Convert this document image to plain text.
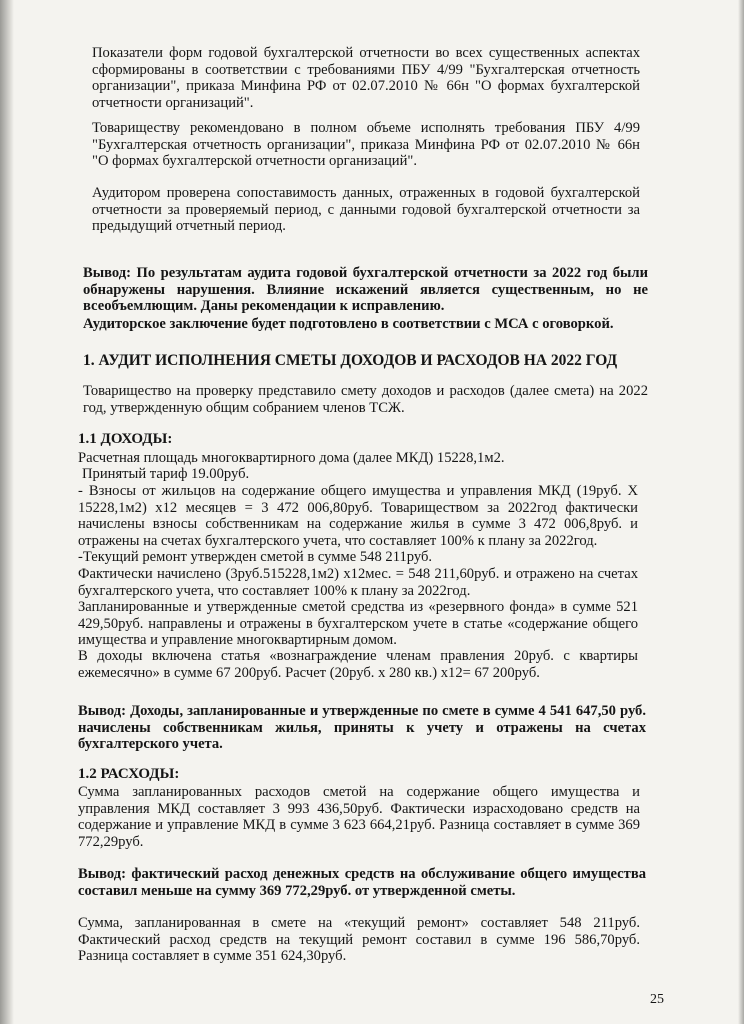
Показатели форм годовой бухгалтерской отчетности во всех существенных аспектах сформированы в соответствии с требованиями ПБУ 4/99 "Бухгалтерская отчетность организации", приказа Минфина РФ от 02.07.2010 № 66н "О формах бухгалтерской отчетности организаций".

Товариществу рекомендовано в полном объеме исполнять требования ПБУ 4/99 "Бухгалтерская отчетность организации", приказа Минфина РФ от 02.07.2010 № 66н "О формах бухгалтерской отчетности организаций".

Аудитором проверена сопоставимость данных, отраженных в годовой бухгалтерской отчетности за проверяемый период, с данными годовой бухгалтерской отчетности за предыдущий отчетный период.

Вывод: По результатам аудита годовой бухгалтерской отчетности за 2022 год были обнаружены нарушения. Влияние искажений является существенным, но не всеобъемлющим. Даны рекомендации к исправлению.

Аудиторское заключение будет подготовлено в соответствии с МСА с оговоркой.

1. АУДИТ ИСПОЛНЕНИЯ СМЕТЫ ДОХОДОВ И РАСХОДОВ НА 2022 ГОД

Товарищество на проверку представило смету доходов и расходов (далее смета) на 2022 год, утвержденную общим собранием членов ТСЖ.

1.1 ДОХОДЫ:

Расчетная площадь многоквартирного дома (далее МКД) 15228,1м2.

Принятый тариф 19.00руб.

- Взносы от жильцов на содержание общего имущества и управления МКД (19руб. Х 15228,1м2) х12 месяцев = 3 472 006,80руб. Товариществом за 2022год фактически начислены взносы собственникам на содержание жилья в сумме 3 472 006,8руб. и отражены на счетах бухгалтерского учета, что составляет 100% к плану за 2022год.

-Текущий ремонт утвержден сметой в сумме 548 211руб.

Фактически начислено (3руб.515228,1м2) х12мес. = 548 211,60руб. и отражено на счетах бухгалтерского учета, что составляет 100% к плану за 2022год.

Запланированные и утвержденные сметой средства из «резервного фонда» в сумме 521 429,50руб. направлены и отражены в бухгалтерском учете в статье «содержание общего имущества и управление многоквартирным домом.

В доходы включена статья «вознаграждение членам правления 20руб. с квартиры ежемесячно» в сумме 67 200руб. Расчет (20руб. х 280 кв.) х12= 67 200руб.

Вывод: Доходы, запланированные и утвержденные по смете в сумме 4 541 647,50 руб. начислены собственникам жилья, приняты к учету и отражены на счетах бухгалтерского учета.

1.2 РАСХОДЫ:

Сумма запланированных расходов сметой на содержание общего имущества и управления МКД составляет 3 993 436,50руб. Фактически израсходовано средств на содержание и управление МКД в сумме 3 623 664,21руб. Разница составляет в сумме 369 772,29руб.

Вывод: фактический расход денежных средств на обслуживание общего имущества составил меньше на сумму 369 772,29руб. от утвержденной сметы.

Сумма, запланированная в смете на «текущий ремонт» составляет 548 211руб. Фактический расход средств на текущий ремонт составил в сумме 196 586,70руб. Разница составляет в сумме 351 624,30руб.

25
